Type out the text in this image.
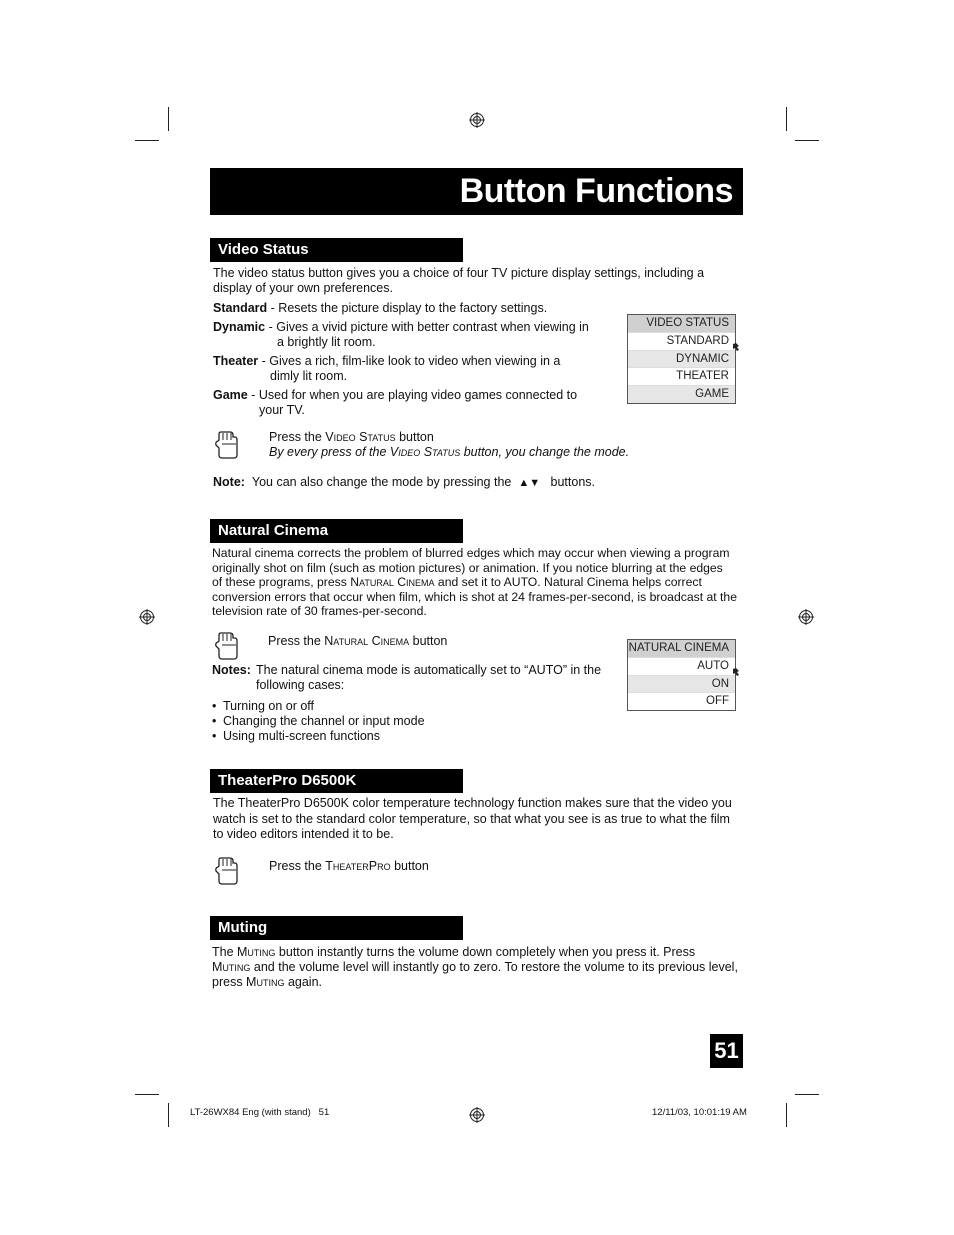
Button Functions
Video Status
The video status button gives you a choice of four TV picture display settings, including a display of your own preferences.
Standard - Resets the picture display to the factory settings.
Dynamic - Gives a vivid picture with better contrast when viewing in
a brightly lit room.
Theater - Gives a rich, film-like look to video when viewing in a
dimly lit room.
Game - Used for when you are playing video games connected to
your TV.
VIDEO STATUS
STANDARD
DYNAMIC
THEATER
GAME
Press the Video Status button
By every press of the Video Status button, you change the mode.
Note: You can also change the mode by pressing the ▲▼ buttons.
Natural Cinema
Natural cinema corrects the problem of blurred edges which may occur when viewing a program
originally shot on film (such as motion pictures) or animation. If you notice blurring at the edges
of these programs, press Natural Cinema and set it to AUTO. Natural Cinema helps correct
conversion errors that occur when film, which is shot at 24 frames-per-second, is broadcast at the
television rate of 30 frames-per-second.
Press the Natural Cinema button
Notes: The natural cinema mode is automatically set to “AUTO” in the
following cases:
• Turning on or off
• Changing the channel or input mode
• Using multi-screen functions
NATURAL CINEMA
AUTO
ON
OFF
TheaterPro D6500K
The TheaterPro D6500K color temperature technology function makes sure that the video you
watch is set to the standard color temperature, so that what you see is as true to what the film
to video editors intended it to be.
Press the TheaterPro button
Muting
The Muting button instantly turns the volume down completely when you press it. Press
Muting and the volume level will instantly go to zero. To restore the volume to its previous level,
press Muting again.
51
LT-26WX84 Eng (with stand)   51	12/11/03, 10:01:19 AM
